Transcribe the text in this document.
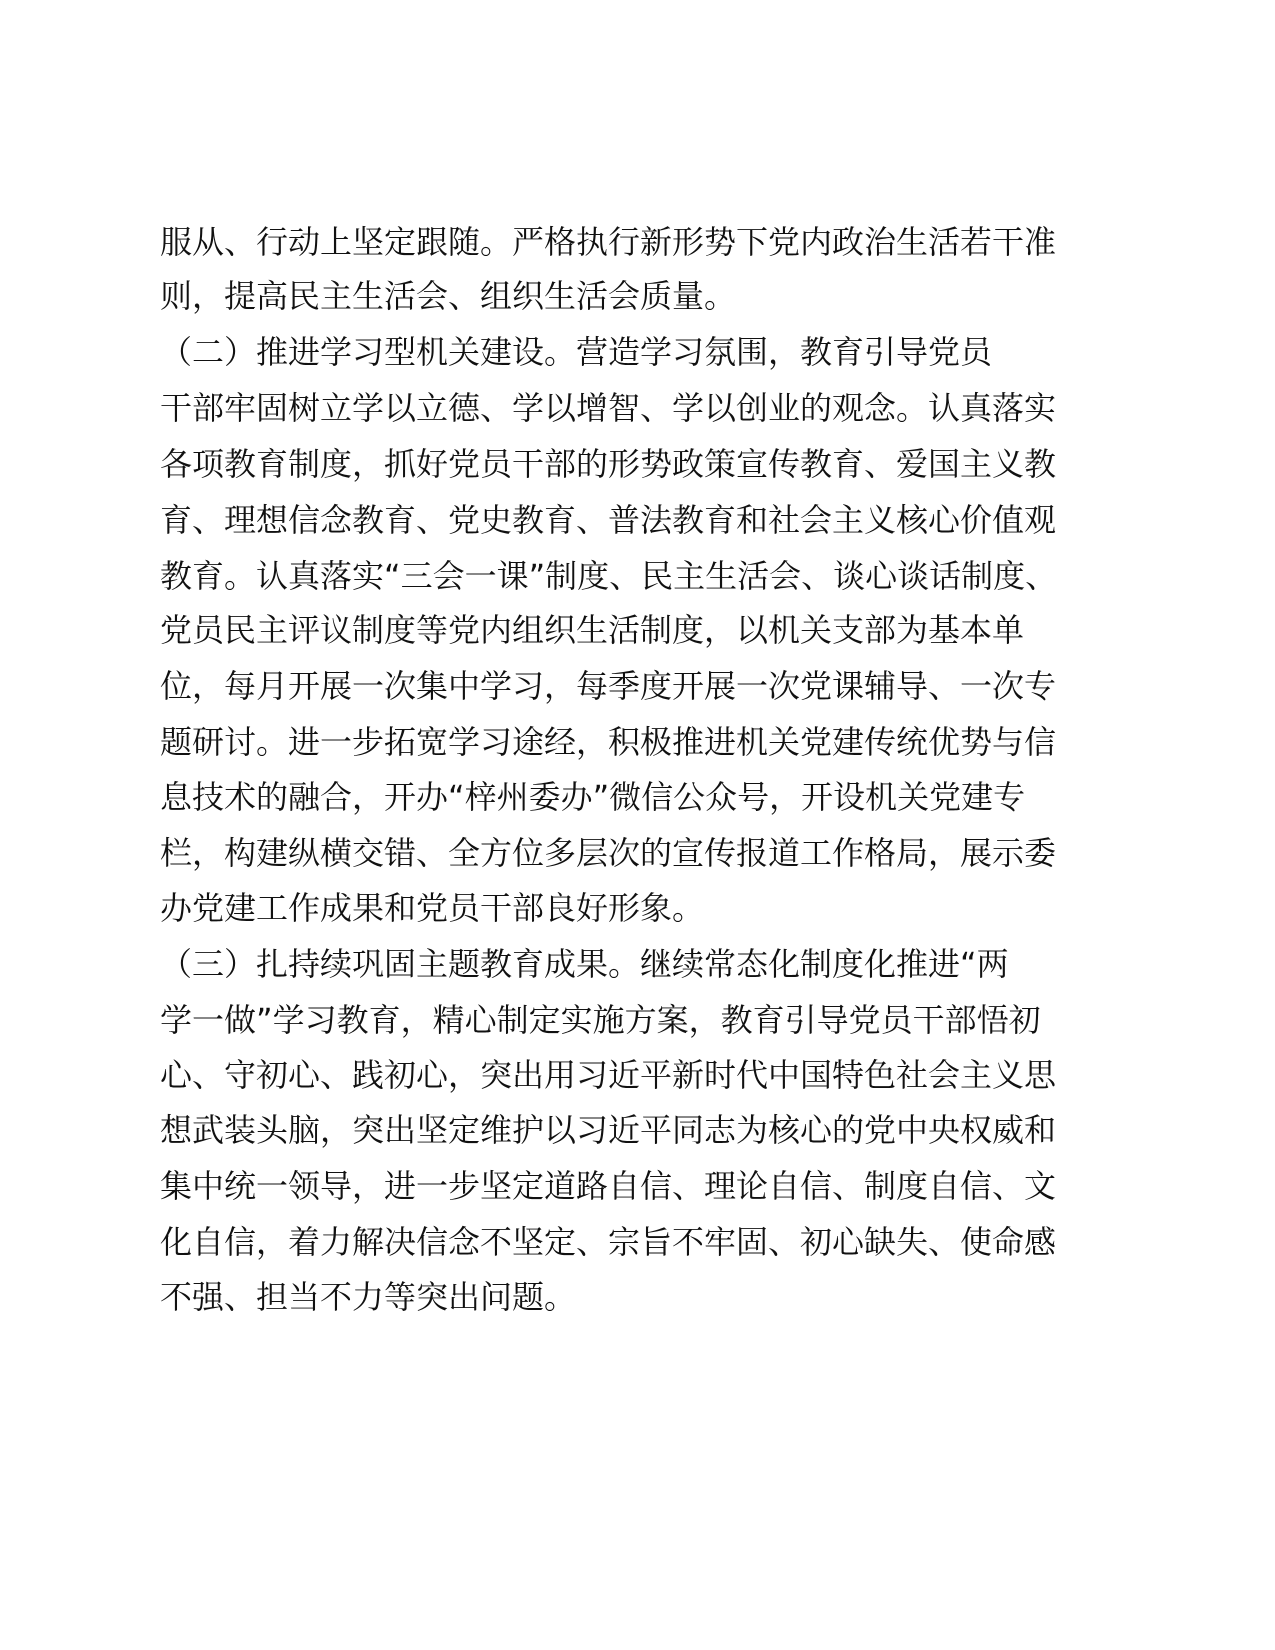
服从、行动上坚定跟随。严格执行新形势下党内政治生活若干准

则，提高民主生活会、组织生活会质量。

（二）推进学习型机关建设。营造学习氛围，教育引导党员

干部牢固树立学以立德、学以增智、学以创业的观念。认真落实

各项教育制度，抓好党员干部的形势政策宣传教育、爱国主义教

育、理想信念教育、党史教育、普法教育和社会主义核心价值观

教育。认真落实“三会一课”制度、民主生活会、谈心谈话制度、

党员民主评议制度等党内组织生活制度，以机关支部为基本单

位，每月开展一次集中学习，每季度开展一次党课辅导、一次专

题研讨。进一步拓宽学习途经，积极推进机关党建传统优势与信

息技术的融合，开办“梓州委办”微信公众号，开设机关党建专

栏，构建纵横交错、全方位多层次的宣传报道工作格局，展示委

办党建工作成果和党员干部良好形象。

（三）扎持续巩固主题教育成果。继续常态化制度化推进“两

学一做”学习教育，精心制定实施方案，教育引导党员干部悟初

心、守初心、践初心，突出用习近平新时代中国特色社会主义思

想武装头脑，突出坚定维护以习近平同志为核心的党中央权威和

集中统一领导，进一步坚定道路自信、理论自信、制度自信、文

化自信，着力解决信念不坚定、宗旨不牢固、初心缺失、使命感

不强、担当不力等突出问题。
